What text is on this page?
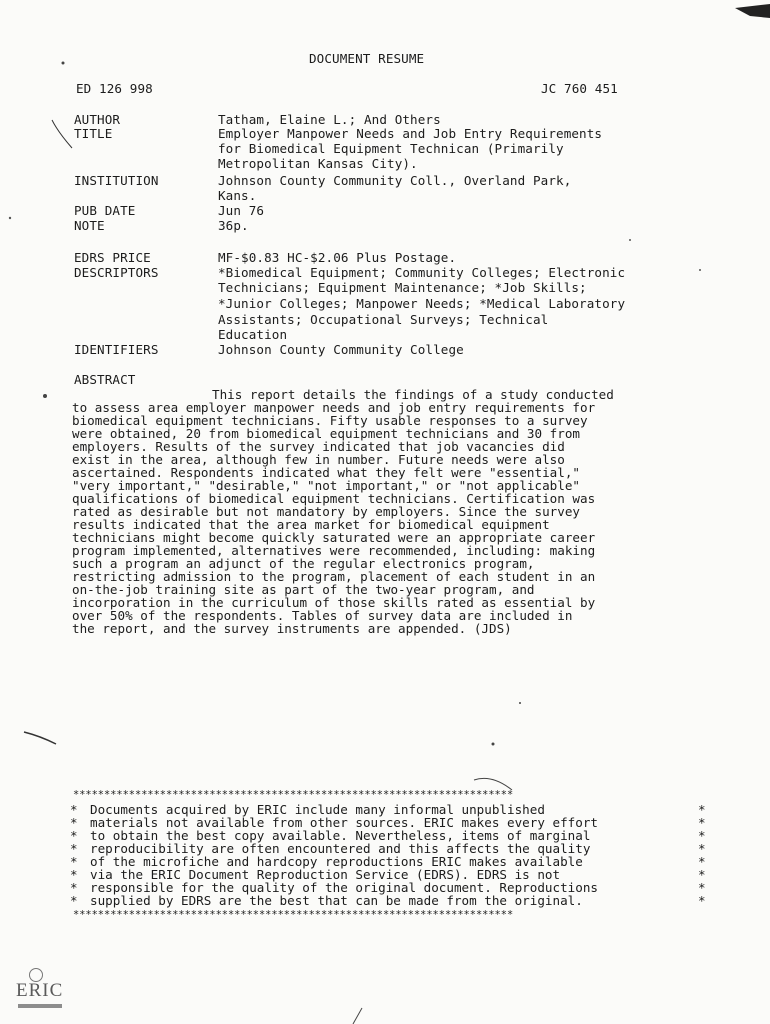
DOCUMENT RESUME
ED 126 998	JC 760 451
AUTHOR	Tatham, Elaine L.; And Others
TITLE	Employer Manpower Needs and Job Entry Requirements
for Biomedical Equipment Technican (Primarily
Metropolitan Kansas City).
INSTITUTION	Johnson County Community Coll., Overland Park,
Kans.
PUB DATE	Jun 76
NOTE	36p.
EDRS PRICE	MF-$0.83 HC-$2.06 Plus Postage.
DESCRIPTORS	*Biomedical Equipment; Community Colleges; Electronic
Technicians; Equipment Maintenance; *Job Skills;
*Junior Colleges; Manpower Needs; *Medical Laboratory
Assistants; Occupational Surveys; Technical
Education
IDENTIFIERS	Johnson County Community College
ABSTRACT
This report details the findings of a study conducted
to assess area employer manpower needs and job entry requirements for
biomedical equipment technicians. Fifty usable responses to a survey
were obtained, 20 from biomedical equipment technicians and 30 from
employers. Results of the survey indicated that job vacancies did
exist in the area, although few in number. Future needs were also
ascertained. Respondents indicated what they felt were "essential,"
"very important," "desirable," "not important," or "not applicable"
qualifications of biomedical equipment technicians. Certification was
rated as desirable but not mandatory by employers. Since the survey
results indicated that the area market for biomedical equipment
technicians might become quickly saturated were an appropriate career
program implemented, alternatives were recommended, including: making
such a program an adjunct of the regular electronics program,
restricting admission to the program, placement of each student in an
on-the-job training site as part of the two-year program, and
incorporation in the curriculum of those skills rated as essential by
over 50% of the respondents. Tables of survey data are included in
the report, and the survey instruments are appended. (JDS)
***********************************************************************
* Documents acquired by ERIC include many informal unpublished	*
* materials not available from other sources. ERIC makes every effort	*
* to obtain the best copy available. Nevertheless, items of marginal	*
* reproducibility are often encountered and this affects the quality	*
* of the microfiche and hardcopy reproductions ERIC makes available	*
* via the ERIC Document Reproduction Service (EDRS). EDRS is not	*
* responsible for the quality of the original document. Reproductions	*
* supplied by EDRS are the best that can be made from the original.	*
***********************************************************************
ERIC
